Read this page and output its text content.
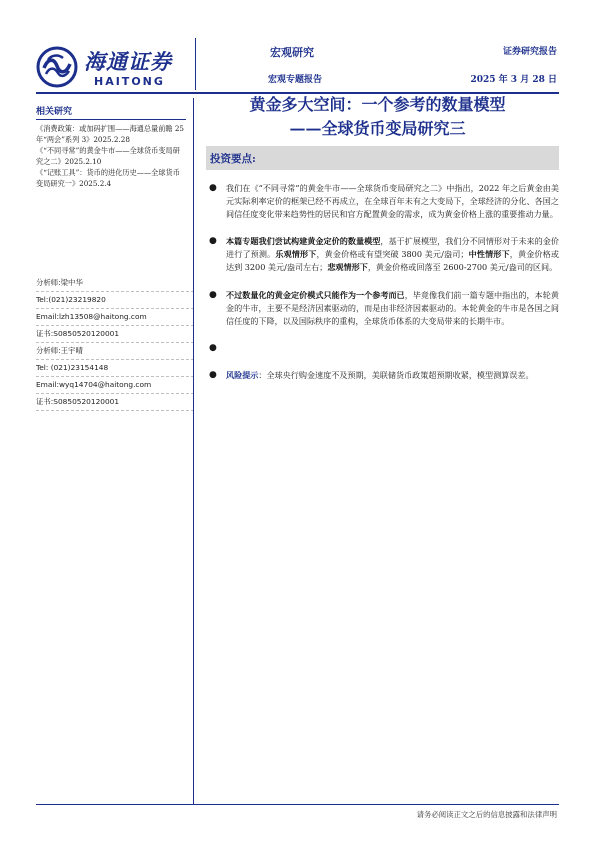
海通证券
HAITONG
宏观研究
宏观专题报告
证券研究报告
2025 年 3 月 28 日
相关研究
《消费政策：或加码扩围——海通总量前瞻 25 年“两会”系列 3》2025.2.28
《“不同寻常”的黄金牛市——全球货币变局研究之二》2025.2.10
《“记账工具”：货币的进化历史——全球货币变局研究一》2025.2.4
分析师:梁中华
Tel:(021)23219820
Email:lzh13508@haitong.com
证书:S0850520120001
分析师:王宇晴
Tel: (021)23154148
Email:wyq14704@haitong.com
证书:S0850520120001
黄金多大空间：一个参考的数量模型
——全球货币变局研究三
投资要点:
● 我们在《“不同寻常”的黄金牛市——全球货币变局研究之二》中指出，2022 年之后黄金由美元实际利率定价的框架已经不再成立，在全球百年未有之大变局下，全球经济的分化、各国之间信任度变化带来趋势性的居民和官方配置黄金的需求，成为黄金价格上涨的重要推动力量。
● 本篇专题我们尝试构建黄金定价的数量模型，基于扩展模型，我们分不同情形对于未来的金价进行了预测。乐观情形下，黄金价格或有望突破 3800 美元/盎司；中性情形下，黄金价格或达到 3200 美元/盎司左右；悲观情形下，黄金价格或回落至 2600-2700 美元/盎司的区间。
● 不过数量化的黄金定价模式只能作为一个参考而已，毕竟像我们前一篇专题中指出的，本轮黄金的牛市，主要不是经济因素驱动的，而是由非经济因素驱动的。本轮黄金的牛市是各国之间信任度的下降，以及国际秩序的重构，全球货币体系的大变局带来的长期牛市。
●
● 风险提示：全球央行购金速度不及预期，美联储货币政策超预期收紧，模型测算误差。
请务必阅读正文之后的信息披露和法律声明
